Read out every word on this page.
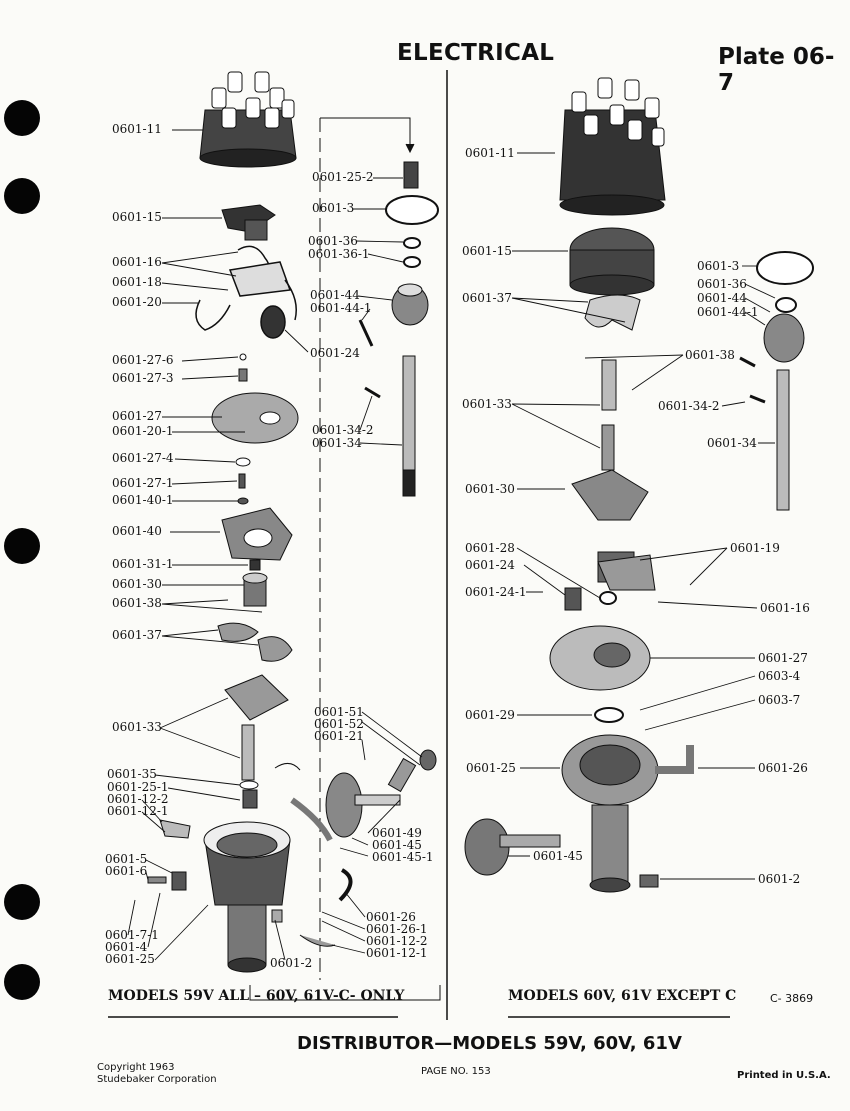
ELECTRICAL	Plate 06-7
0601-11
0601-15
0601-16
0601-18
0601-20
0601-27-6
0601-27-3
0601-27
0601-20-1
0601-27-4
0601-27-1
0601-40-1
0601-40
0601-31-1
0601-30
0601-38
0601-37
0601-33
0601-35
0601-25-1
0601-12-2
0601-12-1
0601-5
0601-6
0601-7-1
0601-4
0601-25	0601-2
0601-25-2
0601-3
0601-36
0601-36-1
0601-44
0601-44-1
0601-24
0601-34-2
0601-34
0601-51
0601-52
0601-21
0601-49
0601-45
0601-45-1
0601-26
0601-26-1
0601-12-2
0601-12-1
0601-11
0601-15
0601-3
0601-36
0601-44
0601-44-1
0601-37
0601-38
0601-33	0601-34-2
0601-34
0601-30
0601-28
0601-24
0601-19
0601-24-1
0601-16
0601-27
0603-4
0603-7
0601-29
0601-25	0601-26
0601-45
0601-2
MODELS 59V ALL – 60V, 61V-C- ONLY	MODELS 60V, 61V EXCEPT C	C- 3869
DISTRIBUTOR—MODELS 59V, 60V, 61V
Copyright 1963
Studebaker Corporation
PAGE NO. 153	Printed in U.S.A.
